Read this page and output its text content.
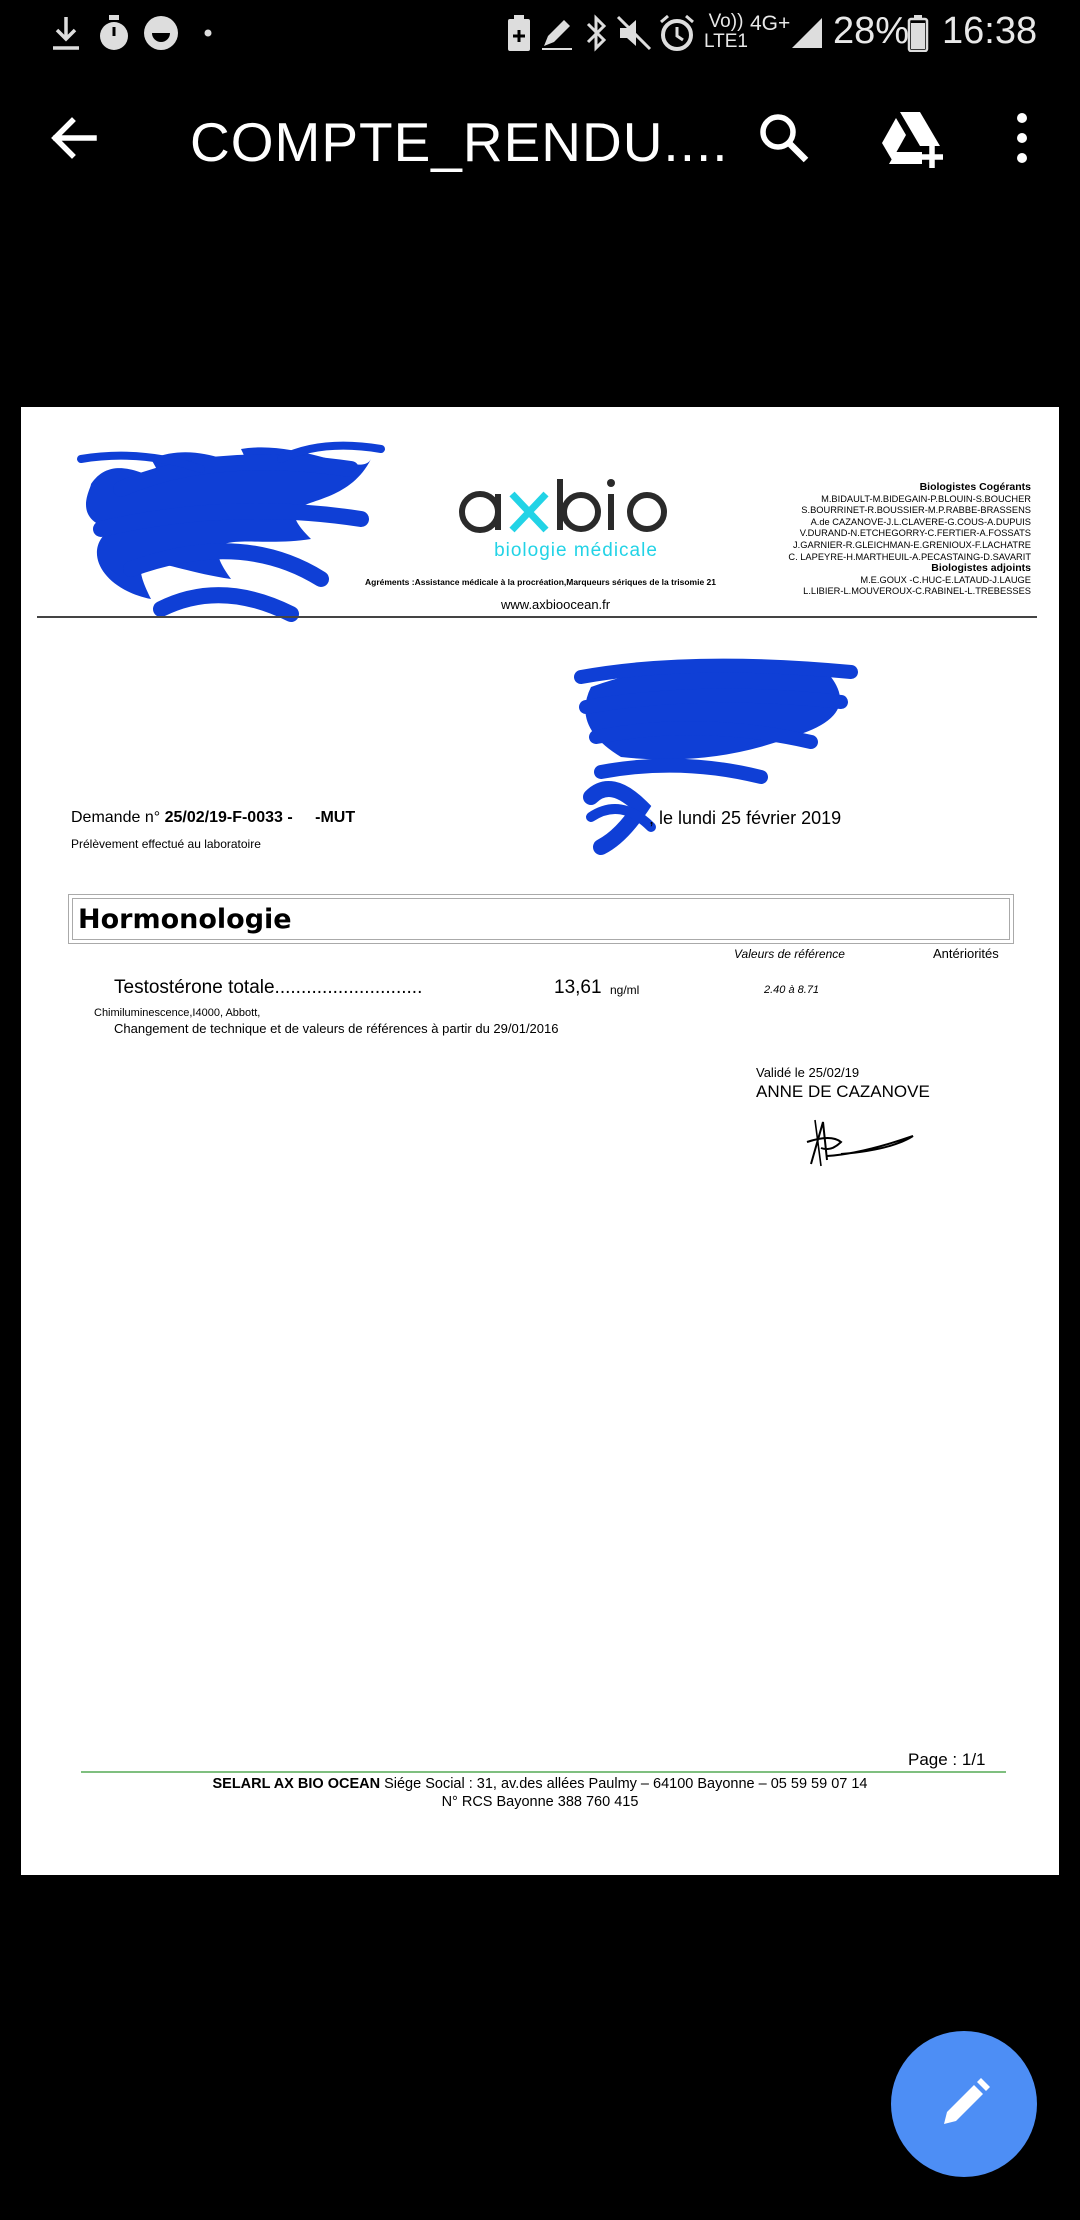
Vo))
LTE1
4G+ 28% 16:38
COMPTE_RENDU....
biologie médicale
Agréments :Assistance médicale à la procréation,Marqueurs sériques de la trisomie 21
www.axbioocean.fr
Biologistes Cogérants
M.BIDAULT-M.BIDEGAIN-P.BLOUIN-S.BOUCHER
S.BOURRINET-R.BOUSSIER-M.P.RABBE-BRASSENS
A.de CAZANOVE-J.L.CLAVERE-G.COUS-A.DUPUIS
V.DURAND-N.ETCHEGORRY-C.FERTIER-A.FOSSATS
J.GARNIER-R.GLEICHMAN-E.GRENIOUX-F.LACHATRE
C. LAPEYRE-H.MARTHEUIL-A.PECASTAING-D.SAVARIT
Biologistes adjoints
M.E.GOUX -C.HUC-E.LATAUD-J.LAUGE
L.LIBIER-L.MOUVEROUX-C.RABINEL-L.TREBESSES
Demande n° 25/02/19-F-0033 - -MUT
Prélèvement effectué au laboratoire
, le lundi 25 février 2019
Hormonologie
Valeurs de référence	Antériorités
Testostérone totale............................	13,61 ng/ml	2.40 à 8.71
Chimiluminescence,I4000, Abbott,
Changement de technique et de valeurs de références à partir du 29/01/2016
Validé le 25/02/19
ANNE DE CAZANOVE
Page : 1/1
SELARL AX BIO OCEAN Siége Social : 31, av.des allées Paulmy – 64100 Bayonne – 05 59 59 07 14
N° RCS Bayonne 388 760 415
